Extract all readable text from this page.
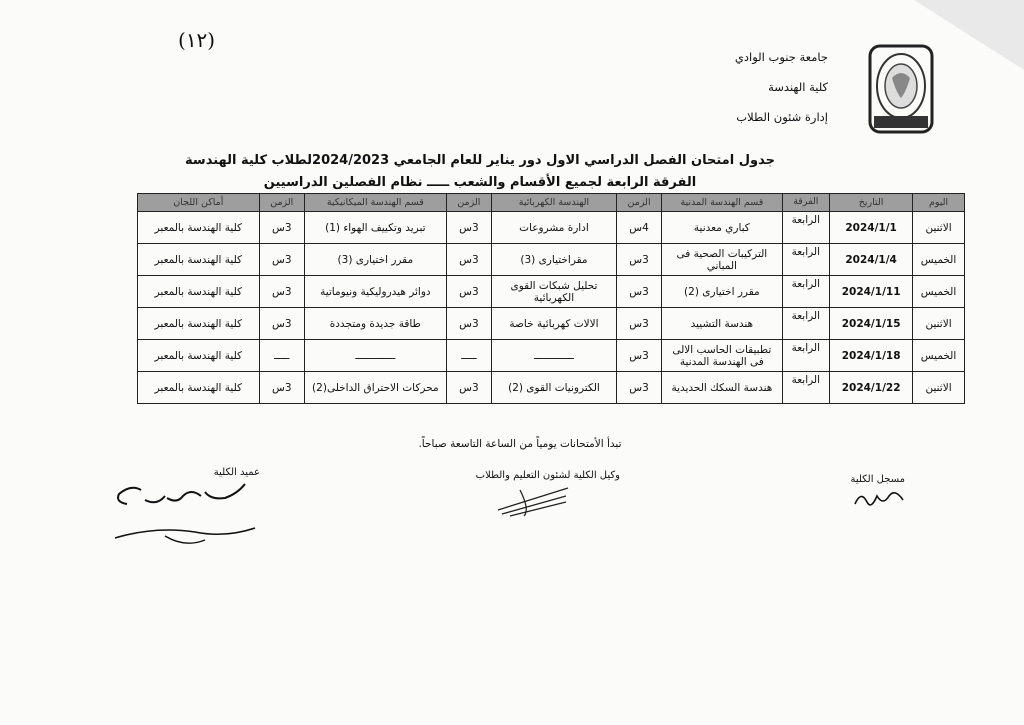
(١٢)
جامعة جنوب الوادي
كلية الهندسة
إدارة شئون الطلاب
جدول امتحان الفصل الدراسي الاول دور يناير للعام الجامعي 2024/2023لطلاب كلية الهندسة
الفرقة الرابعة لجميع الأقسام والشعب ـــــ نظام الفصلين الدراسيين
اليوم	التاريخ	الفرقة	قسم الهندسة المدنية	الزمن	الهندسة الكهربائية	الزمن	قسم الهندسة الميكانيكية	الزمن	أماكن اللجان
الاثنين	2024/1/1	الرابعة	كباري معدنية	4س	ادارة مشروعات	3س	تبريد وتكييف الهواء (1)	3س	كلية الهندسة بالمعبر
الخميس	2024/1/4	الرابعة	التركيبات الصحية فى المباني	3س	مقراختيارى (3)	3س	مقرر اختيارى (3)	3س	كلية الهندسة بالمعبر
الخميس	2024/1/11	الرابعة	مقرر اختيارى (2)	3س	تحليل شبكات القوى الكهربائية	3س	دوائر هيدروليكية ونيوماتية	3س	كلية الهندسة بالمعبر
الاثنين	2024/1/15	الرابعة	هندسة التشييد	3س	الالات كهربائية خاصة	3س	طاقة جديدة ومتجددة	3س	كلية الهندسة بالمعبر
الخميس	2024/1/18	الرابعة	تطبيقات الحاسب الالى فى الهندسة المدنية	3س	ـــــــــــــ	ـــــ	ـــــــــــــ	ـــــ	كلية الهندسة بالمعبر
الاثنين	2024/1/22	الرابعة	هندسة السكك الحديدية	3س	الكترونيات القوى (2)	3س	محركات الاحتراق الداخلى(2)	3س	كلية الهندسة بالمعبر
تبدأ الأمتحانات يومياً من الساعة التاسعة صباحاً.
مسجل الكلية
وكيل الكلية لشئون التعليم والطلاب
عميد الكلية
